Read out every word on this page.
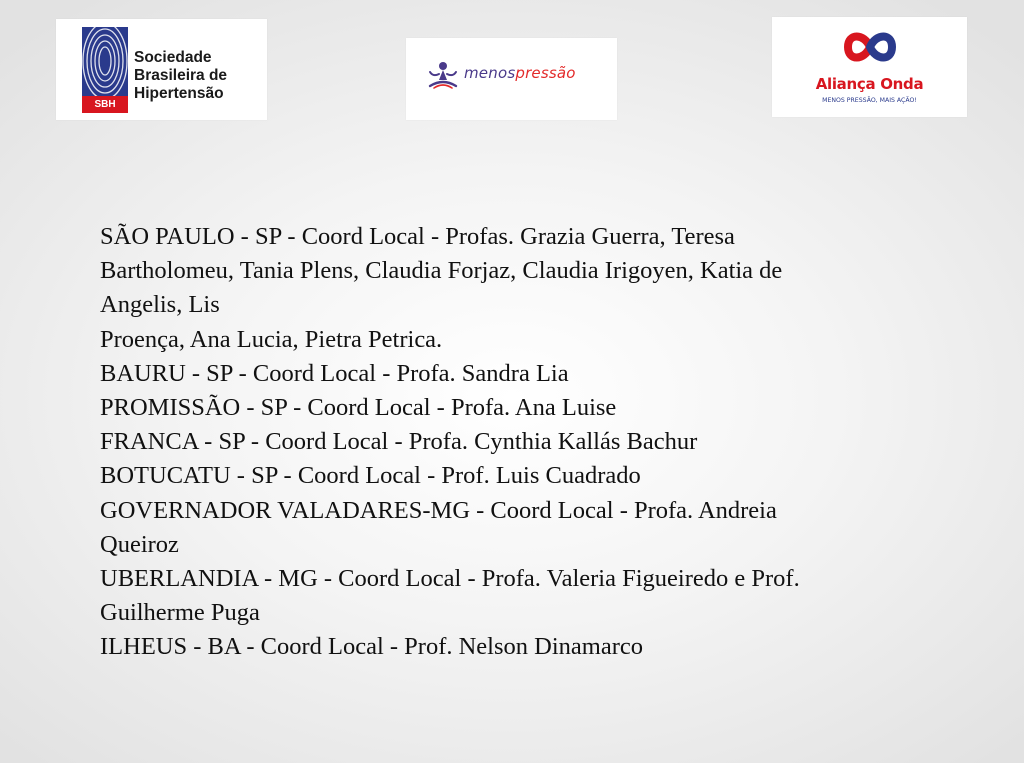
SBH
Sociedade
Brasileira de
Hipertensão
menospressão
Aliança Onda
MENOS PRESSÃO, MAIS AÇÃO!

SÃO PAULO - SP - Coord Local - Profas. Grazia Guerra, Teresa

Bartholomeu, Tania Plens, Claudia Forjaz, Claudia Irigoyen, Katia de

Angelis, Lis

Proença, Ana Lucia, Pietra Petrica.

BAURU - SP - Coord Local - Profa. Sandra Lia

PROMISSÃO - SP - Coord Local - Profa. Ana Luise

FRANCA - SP - Coord Local - Profa. Cynthia Kallás Bachur

BOTUCATU - SP - Coord Local - Prof. Luis Cuadrado

GOVERNADOR VALADARES-MG - Coord Local - Profa. Andreia

Queiroz

UBERLANDIA - MG - Coord Local - Profa. Valeria Figueiredo e Prof.

Guilherme Puga

ILHEUS - BA - Coord Local - Prof. Nelson Dinamarco
